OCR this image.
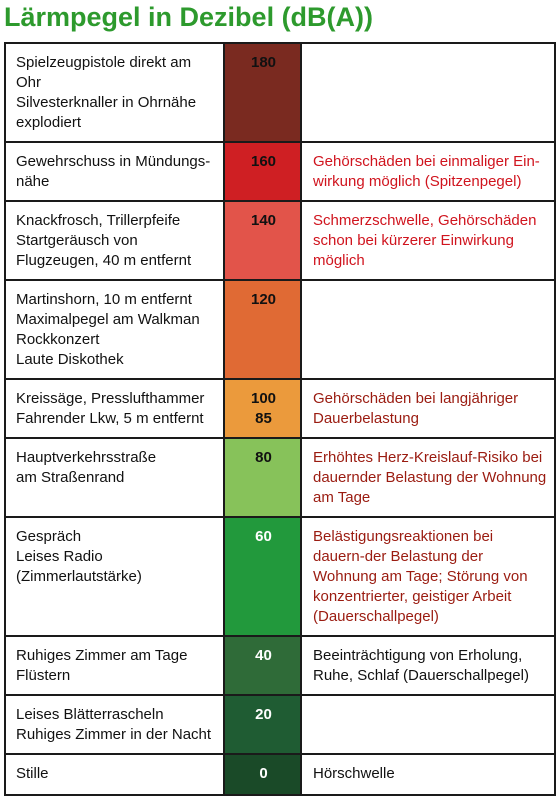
Lärmpegel in Dezibel (dB(A))
Spielzeugpistole direkt am
Ohr
Silvesterknaller in Ohrnähe
explodiert	180	

Gewehrschuss in Mündungs-
nähe	160	Gehörschäden bei einmaliger Ein-wirkung möglich (Spitzenpegel)

Knackfrosch, Trillerpfeife
Startgeräusch von
Flugzeugen, 40 m entfernt	140	Schmerzschwelle, Gehörschäden schon bei kürzerer Einwirkung möglich

Martinshorn, 10 m entfernt
Maximalpegel am Walkman
Rockkonzert
Laute Diskothek	120	

Kreissäge, Presslufthammer
Fahrender Lkw, 5 m entfernt	100
85	Gehörschäden bei langjähriger Dauerbelastung

Hauptverkehrsstraße
am Straßenrand	80	Erhöhtes Herz-Kreislauf-Risiko bei dauernder Belastung der Wohnung am Tage

Gespräch
Leises Radio
(Zimmerlautstärke)	60	Belästigungsreaktionen bei dauern-der Belastung der Wohnung am Tage; Störung von konzentrierter, geistiger Arbeit (Dauerschallpegel)

Ruhiges Zimmer am Tage
Flüstern	40	Beeinträchtigung von Erholung, Ruhe, Schlaf (Dauerschallpegel)

Leises Blätterrascheln
Ruhiges Zimmer in der Nacht	20	

Stille	0	Hörschwelle
